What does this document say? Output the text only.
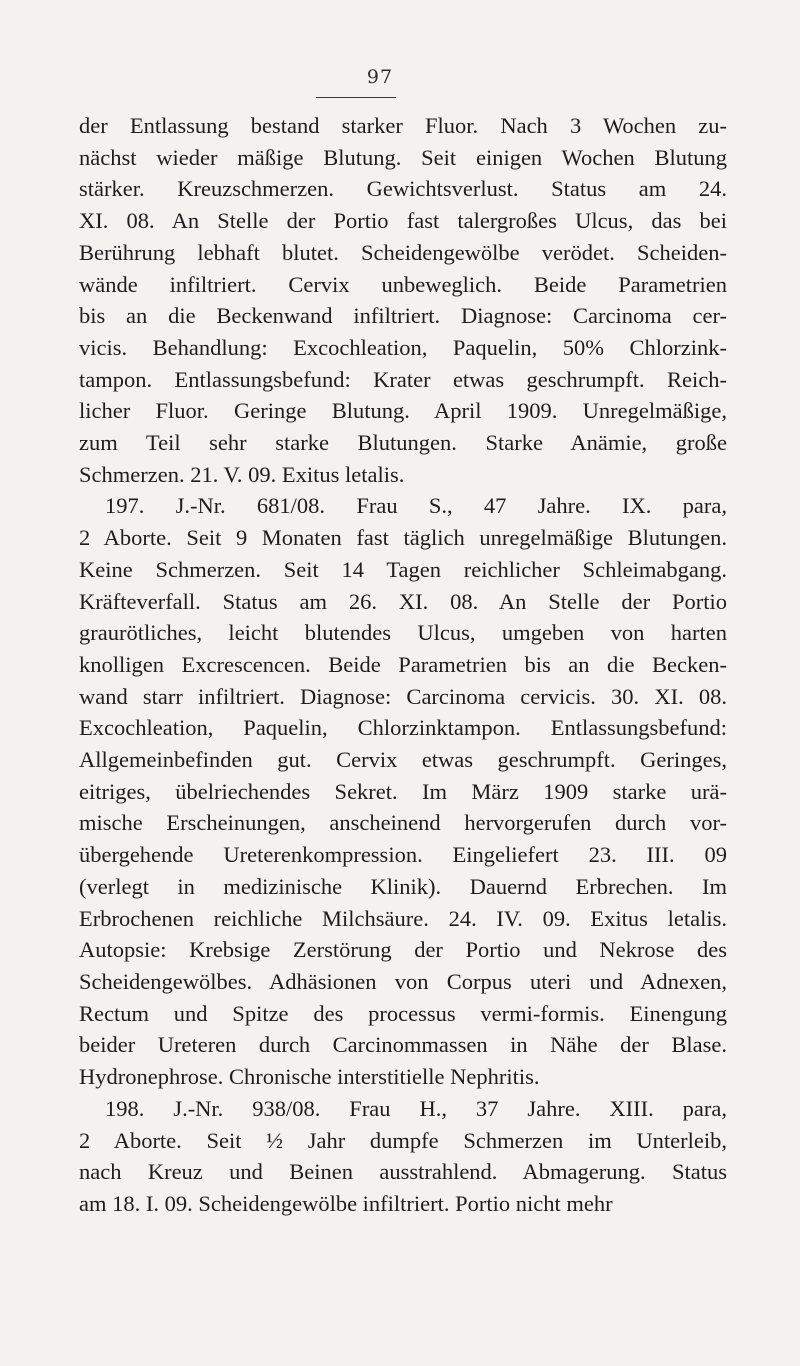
97
der Entlassung bestand starker Fluor. Nach 3 Wochen zu-
nächst wieder mäßige Blutung. Seit einigen Wochen Blutung
stärker. Kreuzschmerzen. Gewichtsverlust. Status am 24.
XI. 08. An Stelle der Portio fast talergroßes Ulcus, das bei
Berührung lebhaft blutet. Scheidengewölbe verödet. Scheiden-
wände infiltriert. Cervix unbeweglich. Beide Parametrien
bis an die Beckenwand infiltriert. Diagnose: Carcinoma cer-
vicis. Behandlung: Excochleation, Paquelin, 50% Chlorzink-
tampon. Entlassungsbefund: Krater etwas geschrumpft. Reich-
licher Fluor. Geringe Blutung. April 1909. Unregelmäßige,
zum Teil sehr starke Blutungen. Starke Anämie, große
Schmerzen. 21. V. 09. Exitus letalis.
197. J.-Nr. 681/08. Frau S., 47 Jahre. IX. para,
2 Aborte. Seit 9 Monaten fast täglich unregelmäßige Blutungen.
Keine Schmerzen. Seit 14 Tagen reichlicher Schleimabgang.
Kräfteverfall. Status am 26. XI. 08. An Stelle der Portio
graurötliches, leicht blutendes Ulcus, umgeben von harten
knolligen Excrescencen. Beide Parametrien bis an die Becken-
wand starr infiltriert. Diagnose: Carcinoma cervicis. 30. XI. 08.
Excochleation, Paquelin, Chlorzinktampon. Entlassungsbefund:
Allgemeinbefinden gut. Cervix etwas geschrumpft. Geringes,
eitriges, übelriechendes Sekret. Im März 1909 starke urä-
mische Erscheinungen, anscheinend hervorgerufen durch vor-
übergehende Ureterenkompression. Eingeliefert 23. III. 09
(verlegt in medizinische Klinik). Dauernd Erbrechen. Im
Erbrochenen reichliche Milchsäure. 24. IV. 09. Exitus letalis.
Autopsie: Krebsige Zerstörung der Portio und Nekrose des
Scheidengewölbes. Adhäsionen von Corpus uteri und Adnexen,
Rectum und Spitze des processus vermi-formis. Einengung
beider Ureteren durch Carcinommassen in Nähe der Blase.
Hydronephrose. Chronische interstitielle Nephritis.
198. J.-Nr. 938/08. Frau H., 37 Jahre. XIII. para,
2 Aborte. Seit ½ Jahr dumpfe Schmerzen im Unterleib,
nach Kreuz und Beinen ausstrahlend. Abmagerung. Status
am 18. I. 09. Scheidengewölbe infiltriert. Portio nicht mehr
